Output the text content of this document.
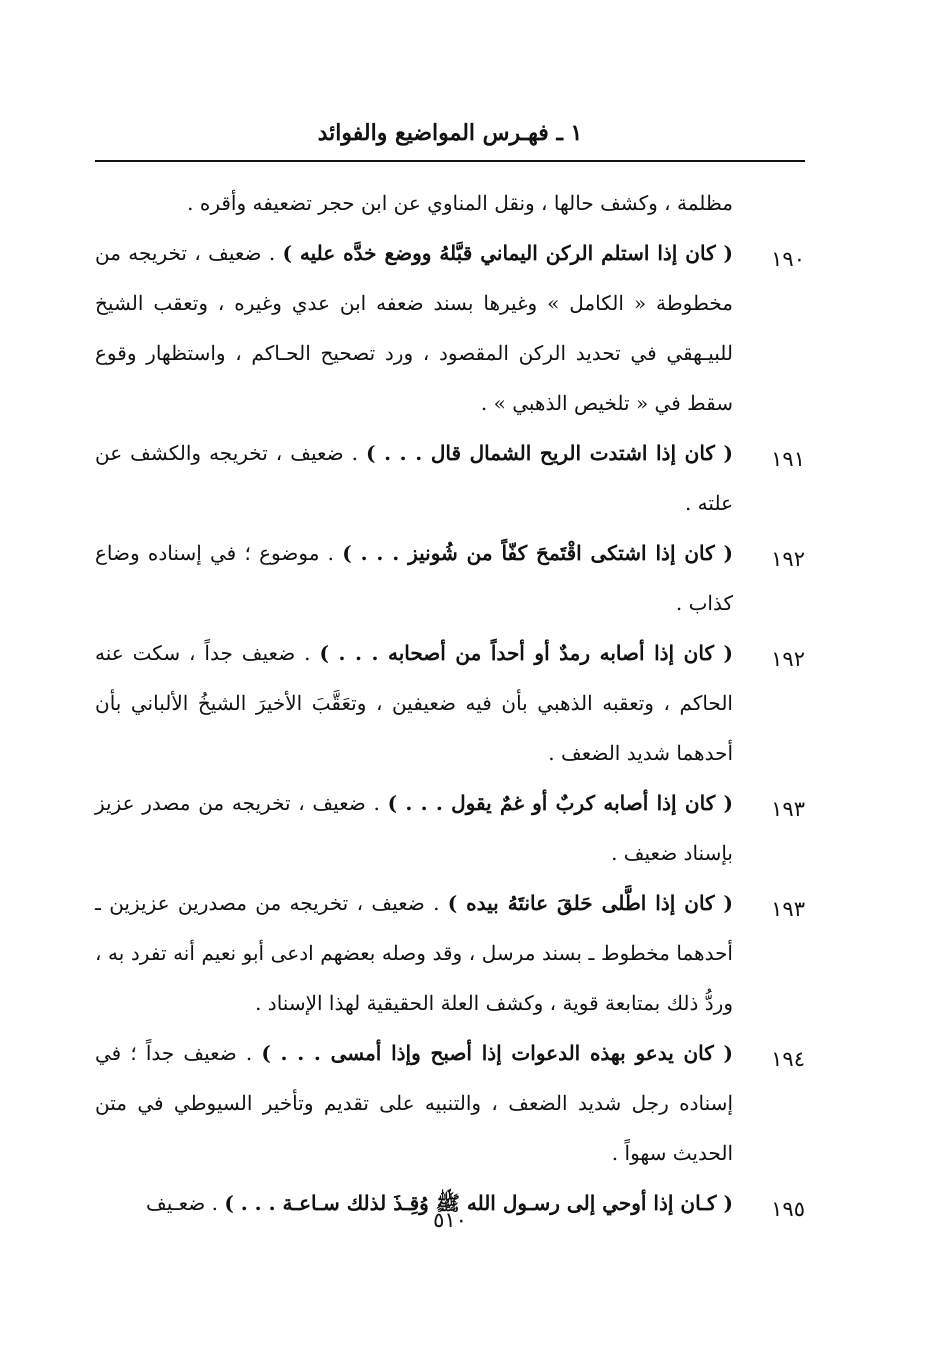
١ ـ فهـرس المواضيع والفوائد
مظلمة ، وكشف حالها ، ونقل المناوي عن ابن حجر تضعيفه وأقره .
١٩٠
( كان إذا استلم الركن اليماني قبَّلهُ ووضع خدَّه عليه ) . ضعيف ، تخريجه من مخطوطة « الكامل » وغيرها بسند ضعفه ابن عدي وغيره ، وتعقب الشيخ للبيـهقي في تحديد الركن المقصود ، ورد تصحيح الحـاكم ، واستظهار وقوع سقط في « تلخيص الذهبي » .
١٩١
( كان إذا اشتدت الريح الشمال قال . . . ) . ضعيف ، تخريجه والكشف عن علته .
١٩٢
( كان إذا اشتكى اقْتَمحَ كفّاً من شُونيز . . . ) . موضوع ؛ في إسناده وضاع كذاب .
١٩٢
( كان إذا أصابه رمدٌ أو أحداً من أصحابه . . . ) . ضعيف جداً ، سكت عنه الحاكم ، وتعقبه الذهبي بأن فيه ضعيفين ، وتعَقَّبَ الأخيرَ الشيخُ الألباني بأن أحدهما شديد الضعف .
١٩٣
( كان إذا أصابه كربٌ أو غمٌ يقول . . . ) . ضعيف ، تخريجه من مصدر عزيز بإسناد ضعيف .
١٩٣
( كان إذا اطَّلى حَلقَ عانتَهُ بيده ) . ضعيف ، تخريجه من مصدرين عزيزين ـ أحدهما مخطوط ـ بسند مرسل ، وقد وصله بعضهم ادعى أبو نعيم أنه تفرد به ، وردُّ ذلك بمتابعة قوية ، وكشف العلة الحقيقية لهذا الإسناد .
١٩٤
( كان يدعو بهذه الدعوات إذا أصبح وإذا أمسى . . . ) . ضعيف جداً ؛ في إسناده رجل شديد الضعف ، والتنبيه على تقديم وتأخير السيوطي في متن الحديث سهواً .
١٩٥
( كـان إذا أوحي إلى رسـول الله ﷺ وُقِـذَ لذلك سـاعـة . . . ) . ضعـيف
٥١٠
